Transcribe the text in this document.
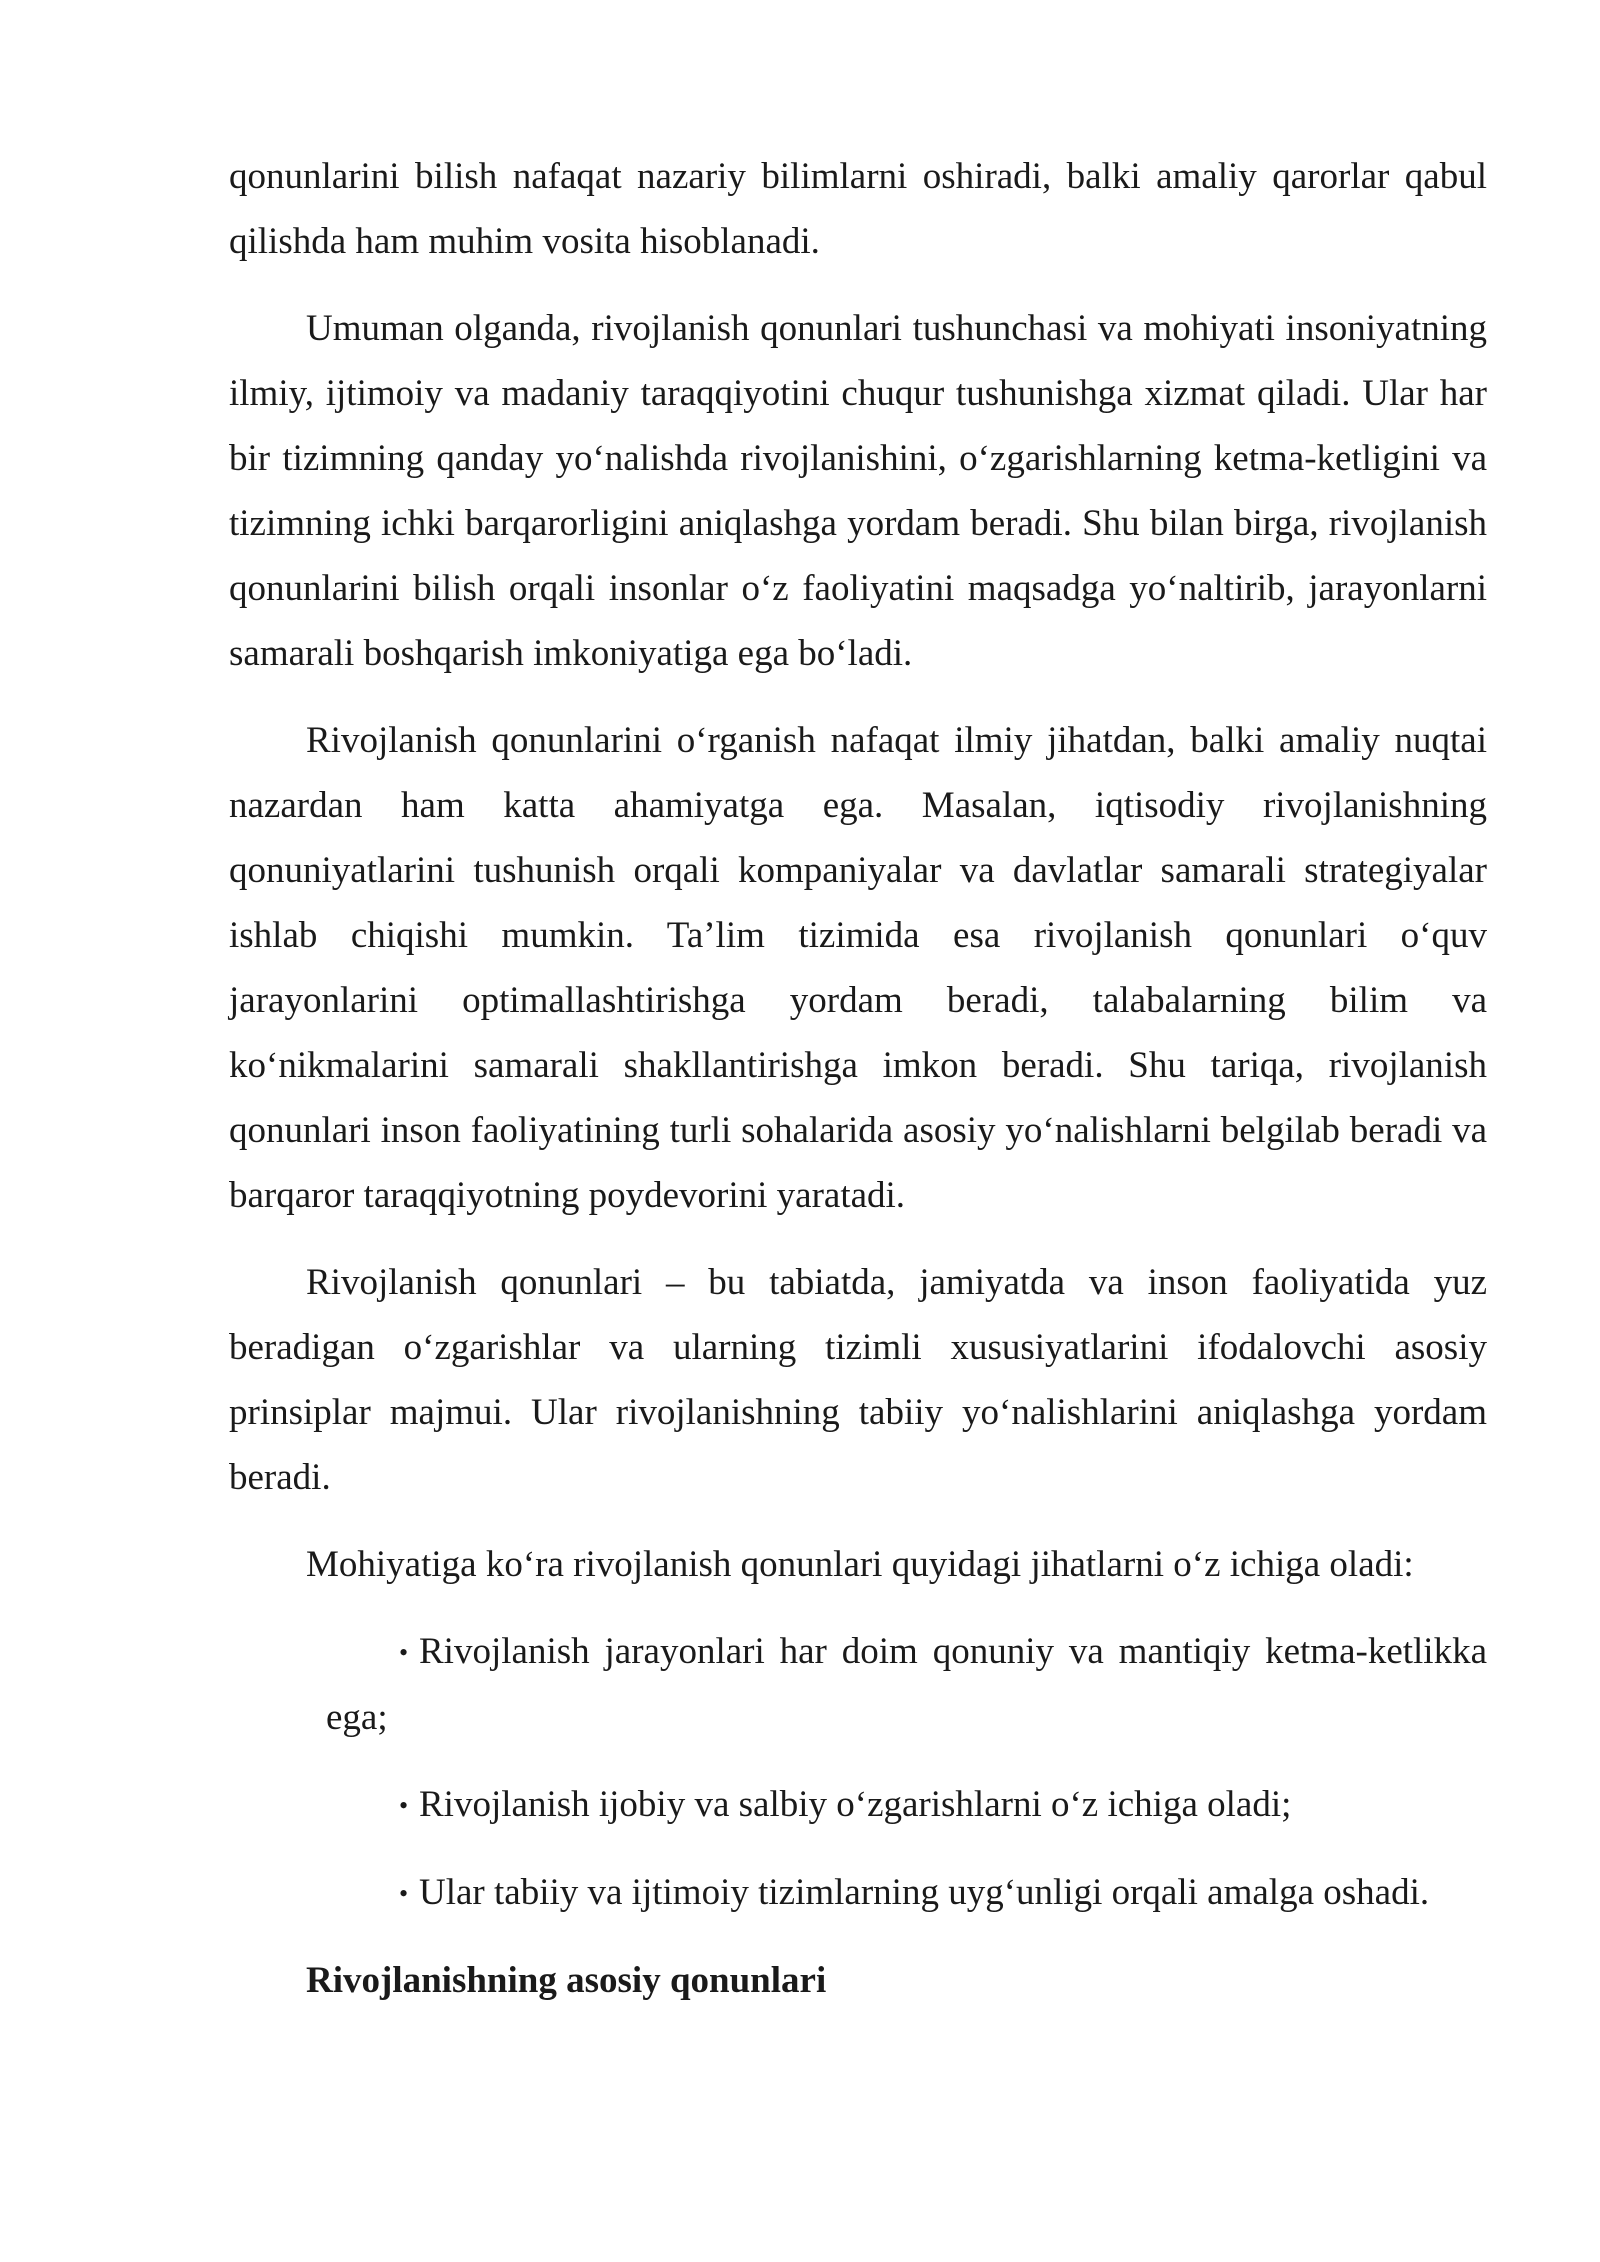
qonunlarini bilish nafaqat nazariy bilimlarni oshiradi, balki amaliy qarorlar qabul qilishda ham muhim vosita hisoblanadi.

Umuman olganda, rivojlanish qonunlari tushunchasi va mohiyati insoniyatning ilmiy, ijtimoiy va madaniy taraqqiyotini chuqur tushunishga xizmat qiladi. Ular har bir tizimning qanday yo‘nalishda rivojlanishini, o‘zgarishlarning ketma-ketligini va tizimning ichki barqarorligini aniqlashga yordam beradi. Shu bilan birga, rivojlanish qonunlarini bilish orqali insonlar o‘z faoliyatini maqsadga yo‘naltirib, jarayonlarni samarali boshqarish imkoniyatiga ega bo‘ladi.

Rivojlanish qonunlarini o‘rganish nafaqat ilmiy jihatdan, balki amaliy nuqtai nazardan ham katta ahamiyatga ega. Masalan, iqtisodiy rivojlanishning qonuniyatlarini tushunish orqali kompaniyalar va davlatlar samarali strategiyalar ishlab chiqishi mumkin. Ta’lim tizimida esa rivojlanish qonunlari o‘quv jarayonlarini optimallashtirishga yordam beradi, talabalarning bilim va ko‘nikmalarini samarali shakllantirishga imkon beradi. Shu tariqa, rivojlanish qonunlari inson faoliyatining turli sohalarida asosiy yo‘nalishlarni belgilab beradi va barqaror taraqqiyotning poydevorini yaratadi.

Rivojlanish qonunlari – bu tabiatda, jamiyatda va inson faoliyatida yuz beradigan o‘zgarishlar va ularning tizimli xususiyatlarini ifodalovchi asosiy prinsiplar majmui. Ular rivojlanishning tabiiy yo‘nalishlarini aniqlashga yordam beradi.

Mohiyatiga ko‘ra rivojlanish qonunlari quyidagi jihatlarni o‘z ichiga oladi:

• Rivojlanish jarayonlari har doim qonuniy va mantiqiy ketma-ketlikka ega;
• Rivojlanish ijobiy va salbiy o‘zgarishlarni o‘z ichiga oladi;
• Ular tabiiy va ijtimoiy tizimlarning uyg‘unligi orqali amalga oshadi.

Rivojlanishning asosiy qonunlari
